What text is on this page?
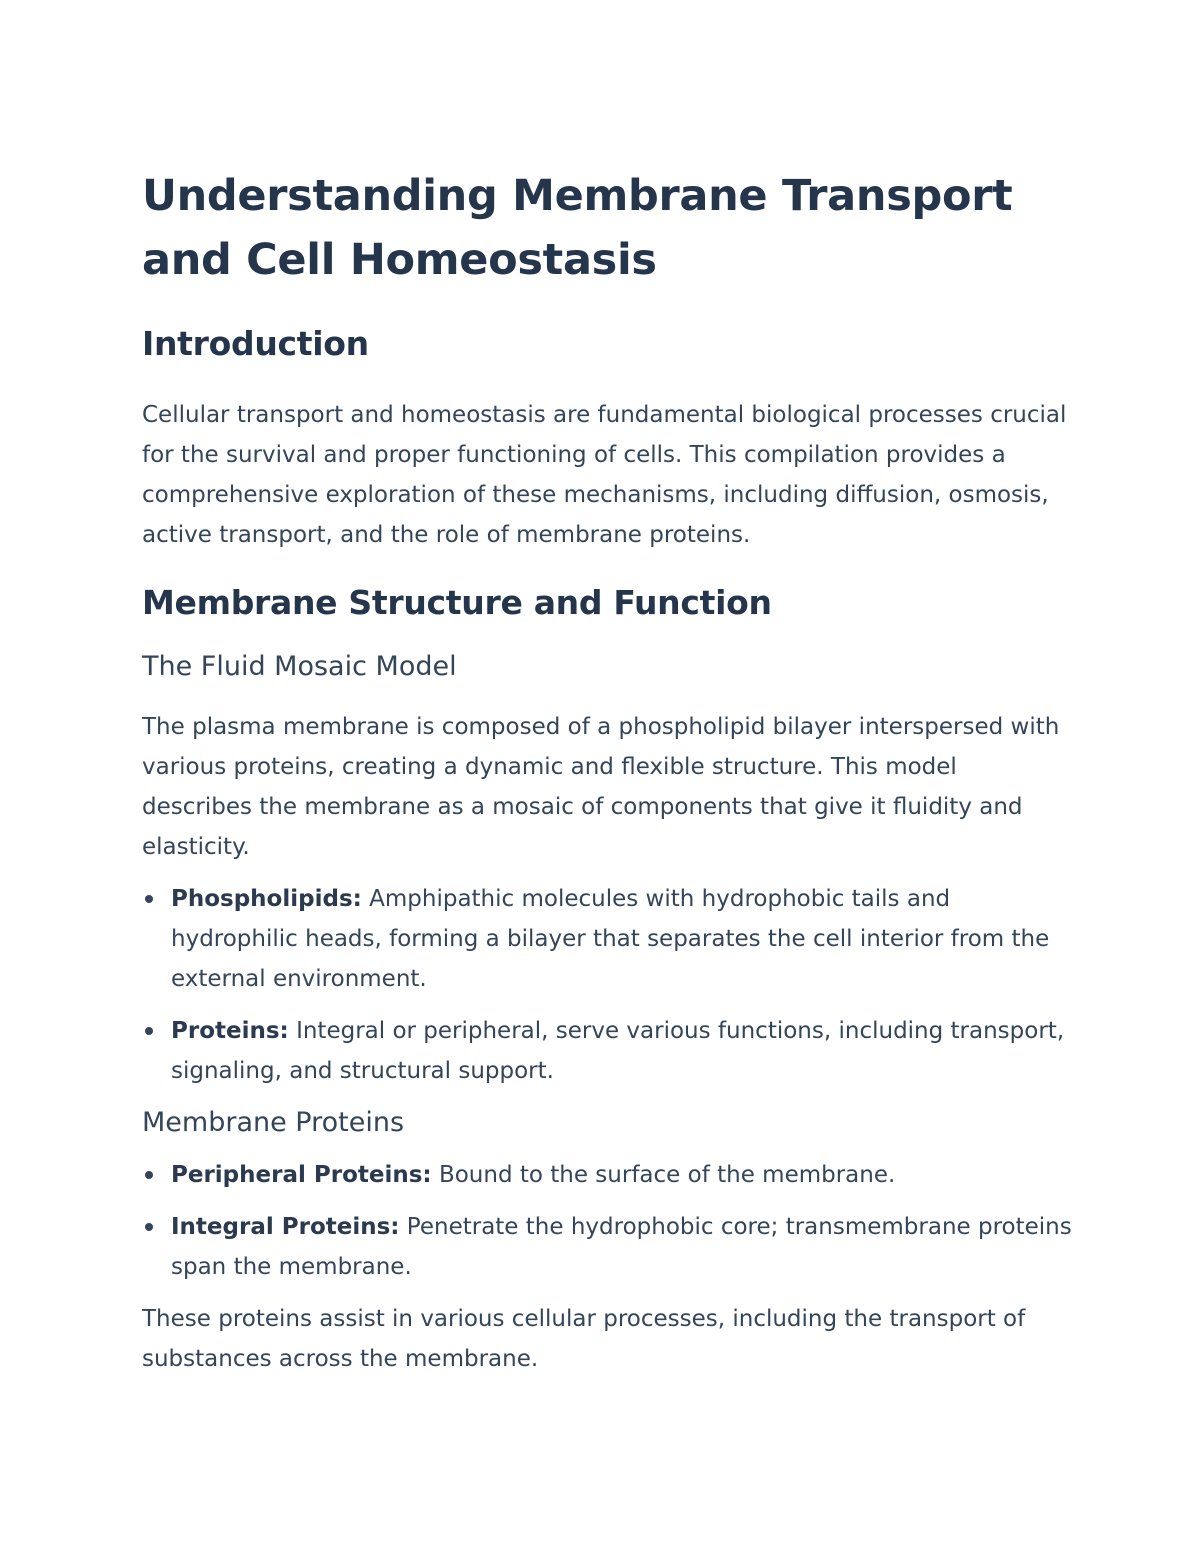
Understanding Membrane Transport and Cell Homeostasis
Introduction

Cellular transport and homeostasis are fundamental biological processes crucial for the survival and proper functioning of cells. This compilation provides a comprehensive exploration of these mechanisms, including diffusion, osmosis, active transport, and the role of membrane proteins.

Membrane Structure and Function
The Fluid Mosaic Model

The plasma membrane is composed of a phospholipid bilayer interspersed with various proteins, creating a dynamic and flexible structure. This model describes the membrane as a mosaic of components that give it fluidity and elasticity.

Phospholipids: Amphipathic molecules with hydrophobic tails and hydrophilic heads, forming a bilayer that separates the cell interior from the external environment.
Proteins: Integral or peripheral, serve various functions, including transport, signaling, and structural support.
Membrane Proteins
Peripheral Proteins: Bound to the surface of the membrane.
Integral Proteins: Penetrate the hydrophobic core; transmembrane proteins span the membrane.

These proteins assist in various cellular processes, including the transport of substances across the membrane.
